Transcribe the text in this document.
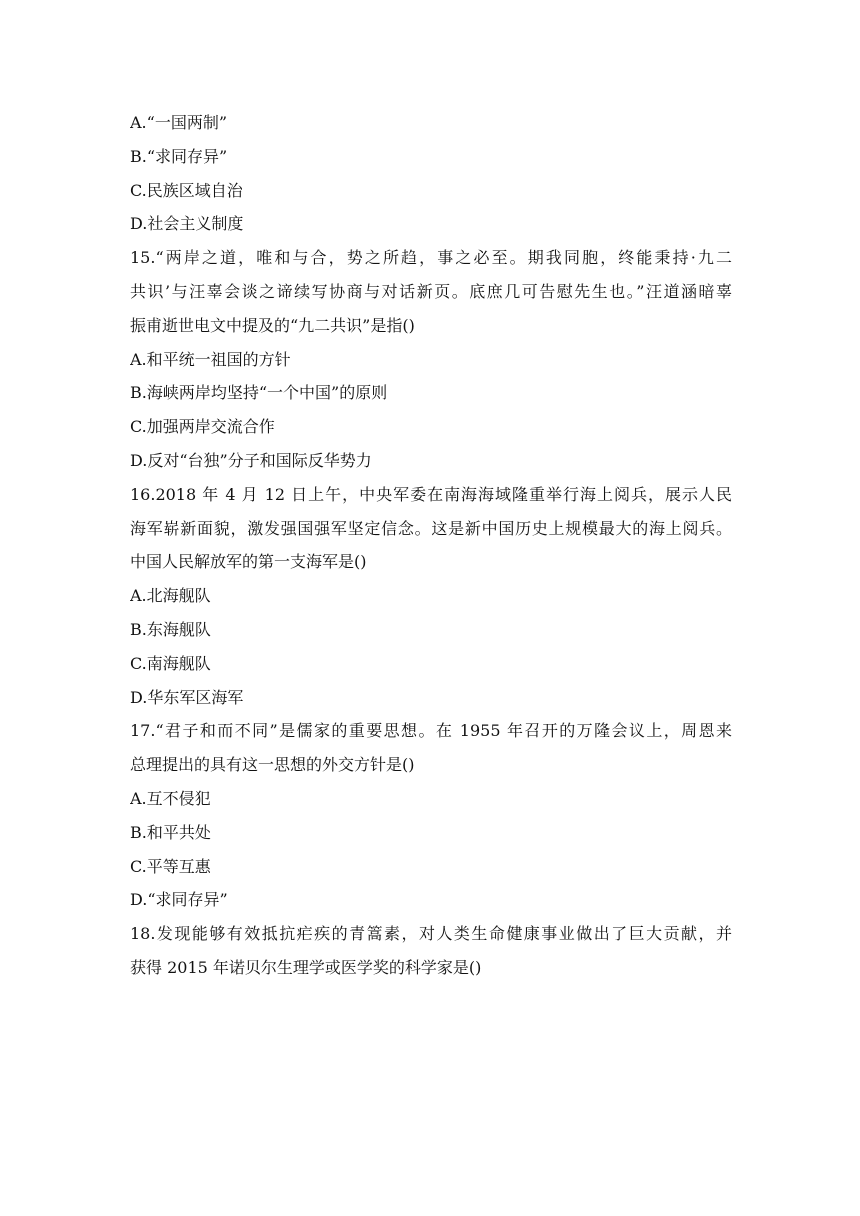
A.“一国两制”
B.“求同存异”
C.民族区域自治
D.社会主义制度
15.“两岸之道，唯和与合，势之所趋，事之必至。期我同胞，终能秉持·九二
共识’与汪辜会谈之谛续写协商与对话新页。底庶几可告慰先生也。”汪道涵暗辜
振甫逝世电文中提及的“九二共识”是指()
A.和平统一祖国的方针
B.海峡两岸均坚持“一个中国”的原则
C.加强两岸交流合作
D.反对“台独”分子和国际反华势力
16.2018 年 4 月 12 日上午，中央军委在南海海域隆重举行海上阅兵，展示人民
海军崭新面貌，激发强国强军坚定信念。这是新中国历史上规模最大的海上阅兵。
中国人民解放军的第一支海军是()
A.北海舰队
B.东海舰队
C.南海舰队
D.华东军区海军
17.“君子和而不同”是儒家的重要思想。在 1955 年召开的万隆会议上，周恩来
总理提出的具有这一思想的外交方针是()
A.互不侵犯
B.和平共处
C.平等互惠
D.“求同存异”
18.发现能够有效抵抗疟疾的青篙素，对人类生命健康事业做出了巨大贡献，并
获得 2015 年诺贝尔生理学或医学奖的科学家是()
